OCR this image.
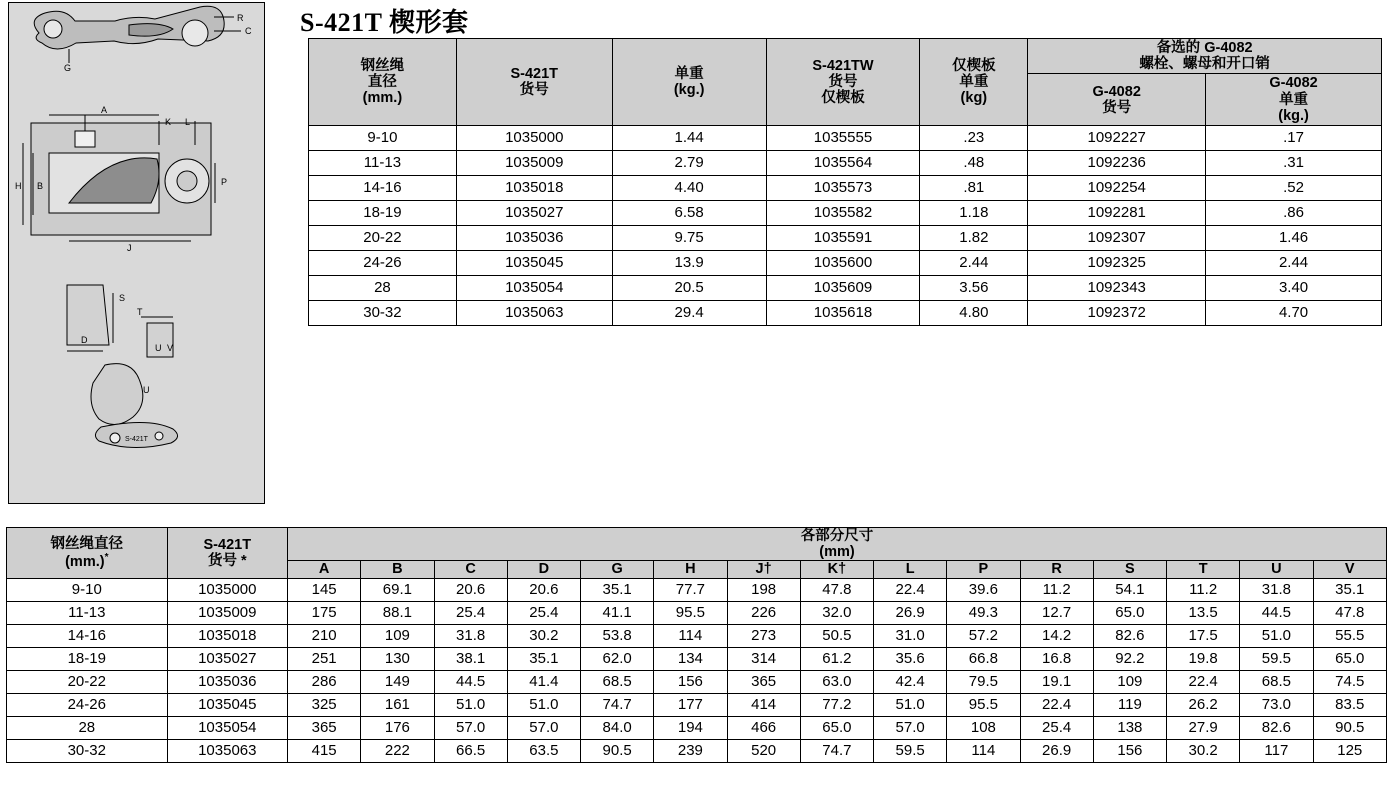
R
C
G
A
K L
H B	P
J
S
D
T
U V
U
S-421T
S-421T 楔形套
钢丝绳
直径
(mm.)

S-421T
货号

单重
(kg.)

S-421TW
货号
仅楔板

仅楔板
单重
(kg)

备选的 G-4082
螺栓、螺母和开口销

G-4082
货号

G-4082
单重
(kg.)

9-10	1035000	1.44	1035555	.23	1092227	.17
11-13	1035009	2.79	1035564	.48	1092236	.31
14-16	1035018	4.40	1035573	.81	1092254	.52
18-19	1035027	6.58	1035582	1.18	1092281	.86
20-22	1035036	9.75	1035591	1.82	1092307	1.46
24-26	1035045	13.9	1035600	2.44	1092325	2.44
28	1035054	20.5	1035609	3.56	1092343	3.40
30-32	1035063	29.4	1035618	4.80	1092372	4.70
钢丝绳直径
(mm.)*

S-421T
货号 *

各部分尺寸
(mm)

		A	B	C	D	G	H	J†	K†	L	P	R	S	T	U	V
9-10	1035000	145	69.1	20.6	20.6	35.1	77.7	198	47.8	22.4	39.6	11.2	54.1	11.2	31.8	35.1
11-13	1035009	175	88.1	25.4	25.4	41.1	95.5	226	32.0	26.9	49.3	12.7	65.0	13.5	44.5	47.8
14-16	1035018	210	109	31.8	30.2	53.8	114	273	50.5	31.0	57.2	14.2	82.6	17.5	51.0	55.5
18-19	1035027	251	130	38.1	35.1	62.0	134	314	61.2	35.6	66.8	16.8	92.2	19.8	59.5	65.0
20-22	1035036	286	149	44.5	41.4	68.5	156	365	63.0	42.4	79.5	19.1	109	22.4	68.5	74.5
24-26	1035045	325	161	51.0	51.0	74.7	177	414	77.2	51.0	95.5	22.4	119	26.2	73.0	83.5
28	1035054	365	176	57.0	57.0	84.0	194	466	65.0	57.0	108	25.4	138	27.9	82.6	90.5
30-32	1035063	415	222	66.5	63.5	90.5	239	520	74.7	59.5	114	26.9	156	30.2	117	125
